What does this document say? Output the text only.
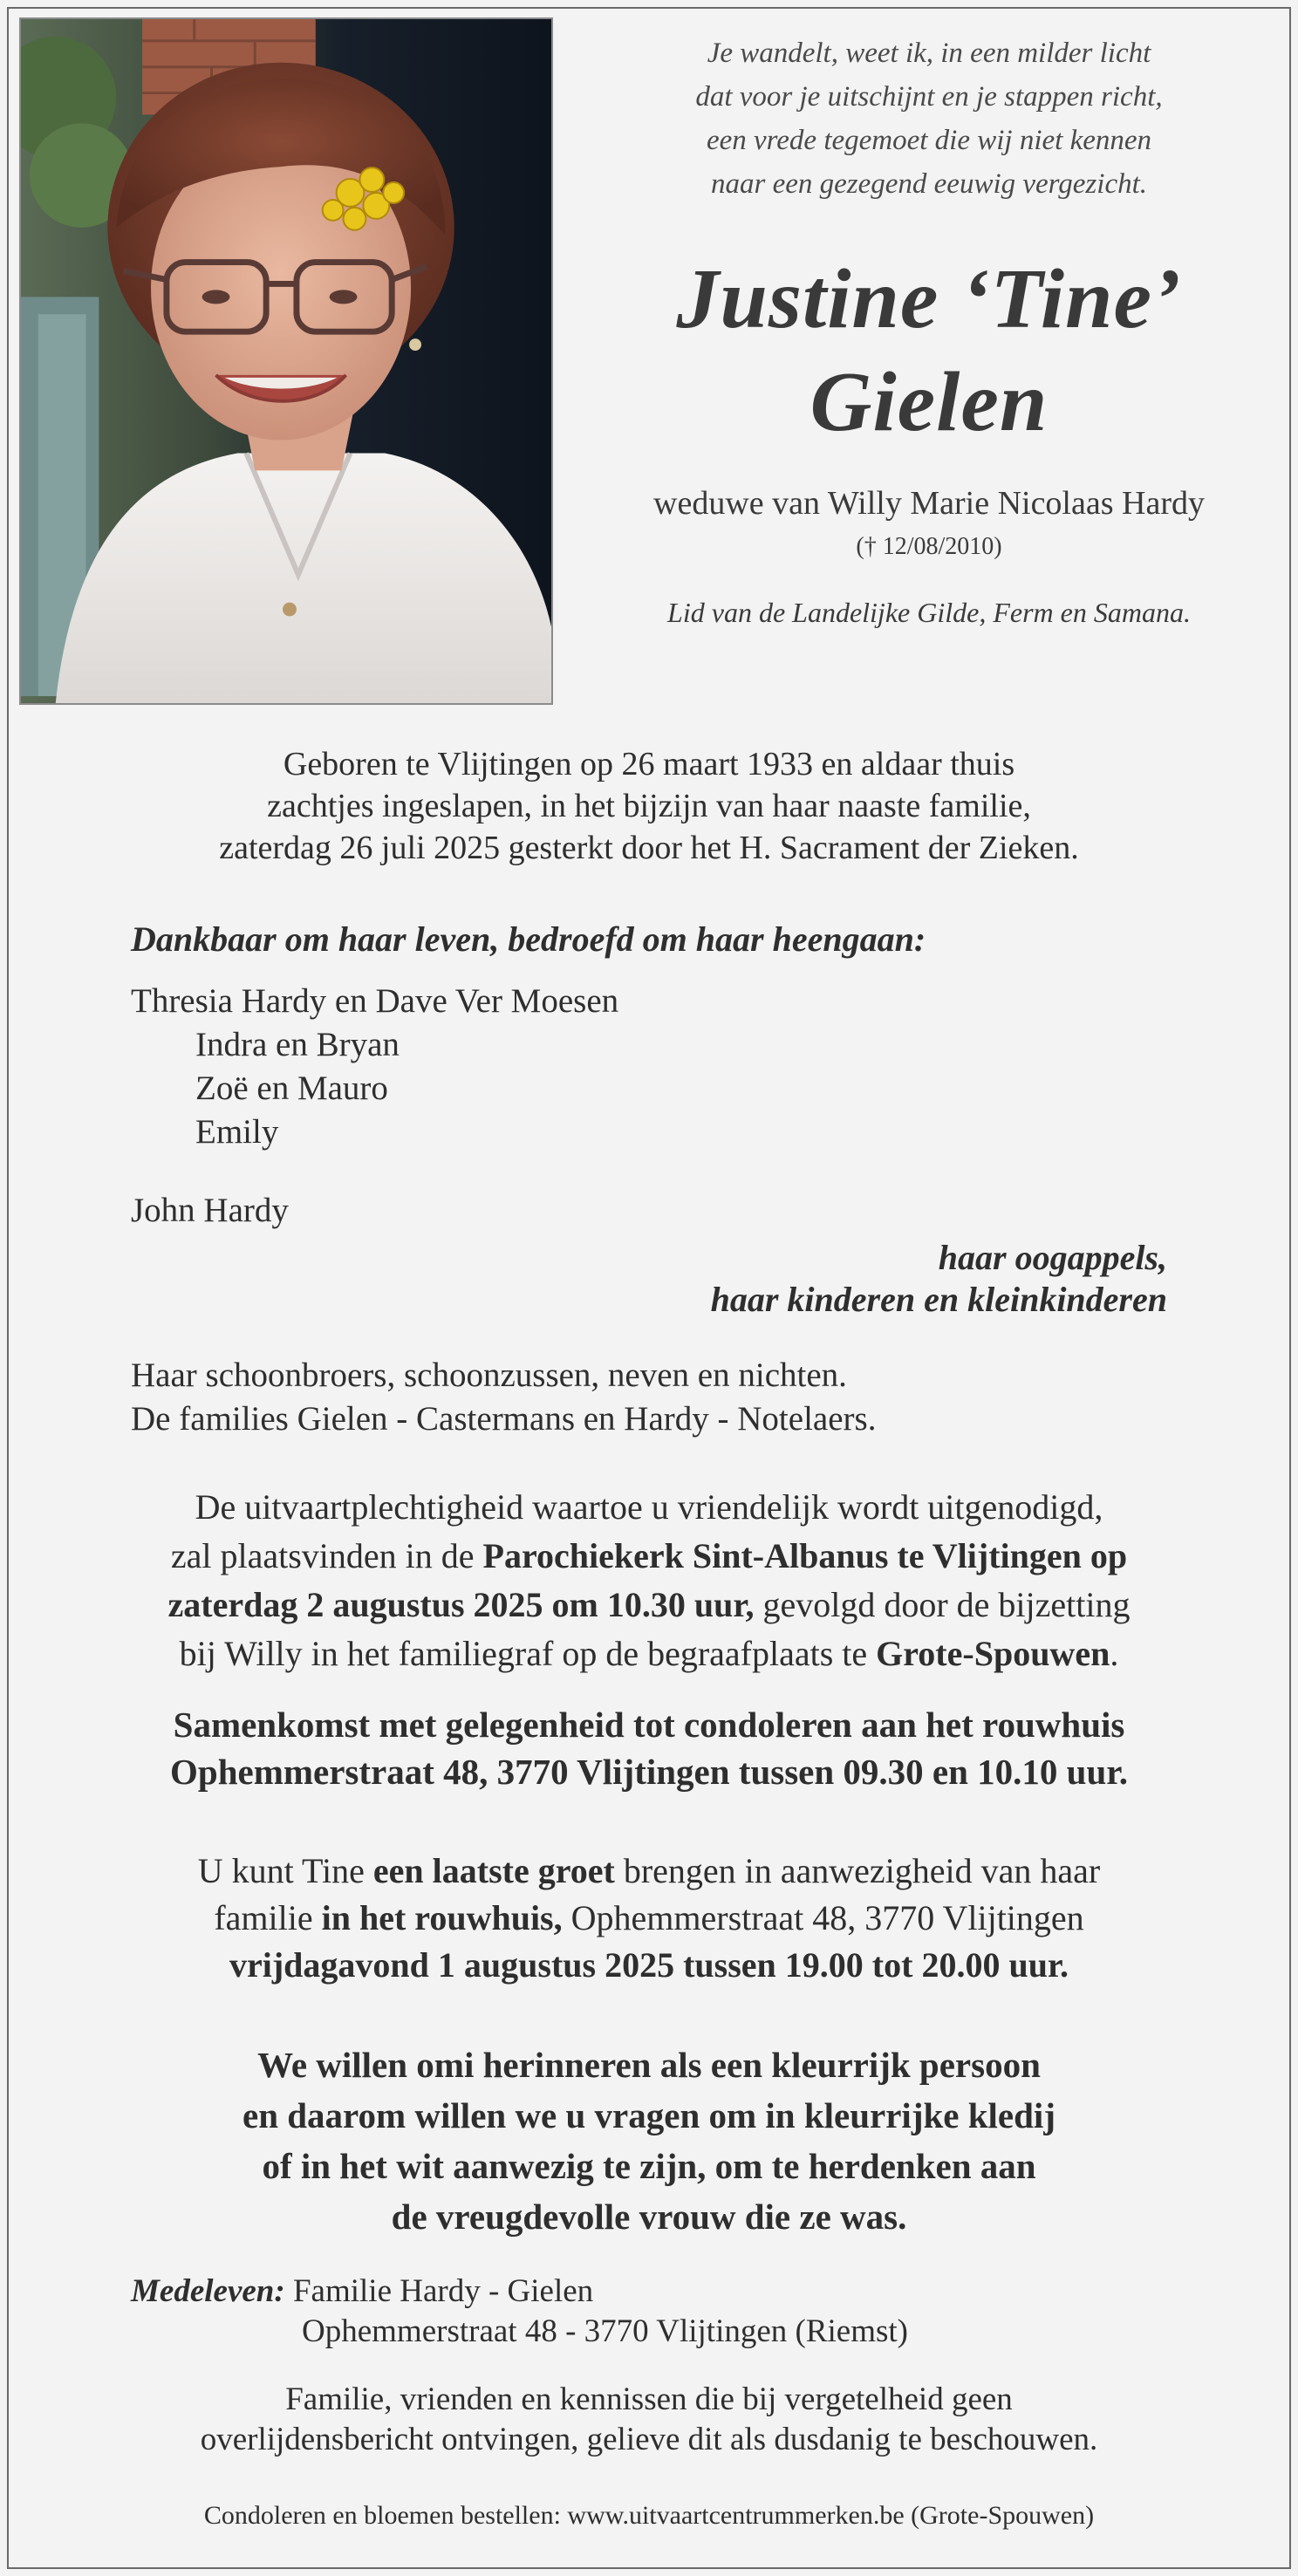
Je wandelt, weet ik, in een milder licht
dat voor je uitschijnt en je stappen richt,
een vrede tegemoet die wij niet kennen
naar een gezegend eeuwig vergezicht.
Justine ‘Tine’
Gielen
weduwe van Willy Marie Nicolaas Hardy
(† 12/08/2010)
Lid van de Landelijke Gilde, Ferm en Samana.
Geboren te Vlijtingen op 26 maart 1933 en aldaar thuis
zachtjes ingeslapen, in het bijzijn van haar naaste familie,
zaterdag 26 juli 2025 gesterkt door het H. Sacrament der Zieken.
Dankbaar om haar leven, bedroefd om haar heengaan:
Thresia Hardy en Dave Ver Moesen
Indra en Bryan
Zoë en Mauro
Emily
John Hardy
haar oogappels,
haar kinderen en kleinkinderen
Haar schoonbroers, schoonzussen, neven en nichten.
De families Gielen - Castermans en Hardy - Notelaers.
De uitvaartplechtigheid waartoe u vriendelijk wordt uitgenodigd,
zal plaatsvinden in de Parochiekerk Sint-Albanus te Vlijtingen op
zaterdag 2 augustus 2025 om 10.30 uur, gevolgd door de bijzetting
bij Willy in het familiegraf op de begraafplaats te Grote-Spouwen.
Samenkomst met gelegenheid tot condoleren aan het rouwhuis
Ophemmerstraat 48, 3770 Vlijtingen tussen 09.30 en 10.10 uur.
U kunt Tine een laatste groet brengen in aanwezigheid van haar
familie in het rouwhuis, Ophemmerstraat 48, 3770 Vlijtingen
vrijdagavond 1 augustus 2025 tussen 19.00 tot 20.00 uur.
We willen omi herinneren als een kleurrijk persoon
en daarom willen we u vragen om in kleurrijke kledij
of in het wit aanwezig te zijn, om te herdenken aan
de vreugdevolle vrouw die ze was.
Medeleven: Familie Hardy - Gielen
Ophemmerstraat 48 - 3770 Vlijtingen (Riemst)
Familie, vrienden en kennissen die bij vergetelheid geen
overlijdensbericht ontvingen, gelieve dit als dusdanig te beschouwen.
Condoleren en bloemen bestellen: www.uitvaartcentrummerken.be (Grote-Spouwen)
